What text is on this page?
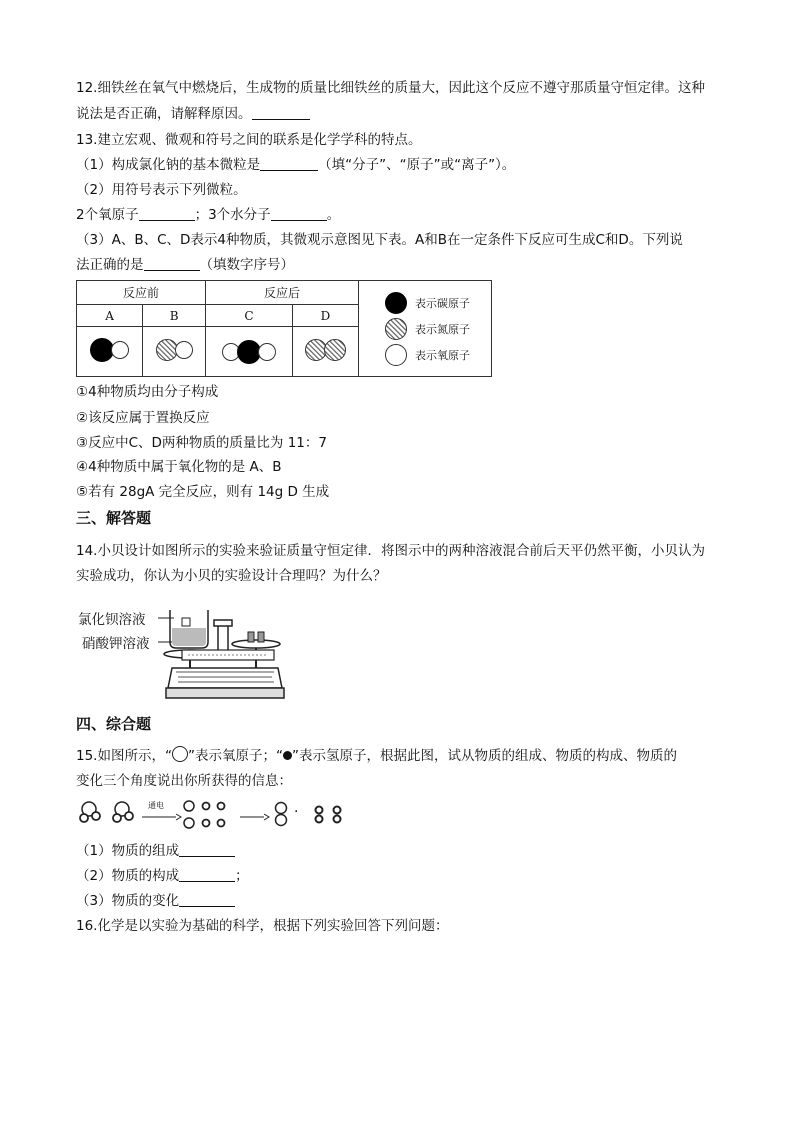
12.细铁丝在氧气中燃烧后，生成物的质量比细铁丝的质量大，因此这个反应不遵守那质量守恒定律。这种
说法是否正确，请解释原因。
13.建立宏观、微观和符号之间的联系是化学学科的特点。
（1）构成氯化钠的基本微粒是	（填“分子”、“原子”或“离子”）。
（2）用符号表示下列微粒。
2个氧原子	；3个水分子	。
（3）A、B、C、D表示4种物质，其微观示意图见下表。A和B在一定条件下反应可生成C和D。下列说
法正确的是	（填数字序号）
反应前		反应后		表示碳原子
表示氮原子
表示氧原子

A	B	C	D	

①4种物质均由分子构成
②该反应属于置换反应
③反应中C、D两种物质的质量比为 11：7
④4种物质中属于氧化物的是 A、B
⑤若有 28gA 完全反应，则有 14g D 生成
三、解答题
14.小贝设计如图所示的实验来验证质量守恒定律．将图示中的两种溶液混合前后天平仍然平衡，小贝认为
实验成功，你认为小贝的实验设计合理吗？为什么？
氯化钡溶液
硝酸钾溶液
四、综合题
15.如图所示，“ ”表示氧原子；“ ”表示氢原子，根据此图，试从物质的组成、物质的构成、物质的
变化三个角度说出你所获得的信息：
通电	·
（1）物质的组成
（2）物质的构成	；
（3）物质的变化
16.化学是以实验为基础的科学，根据下列实验回答下列问题：
